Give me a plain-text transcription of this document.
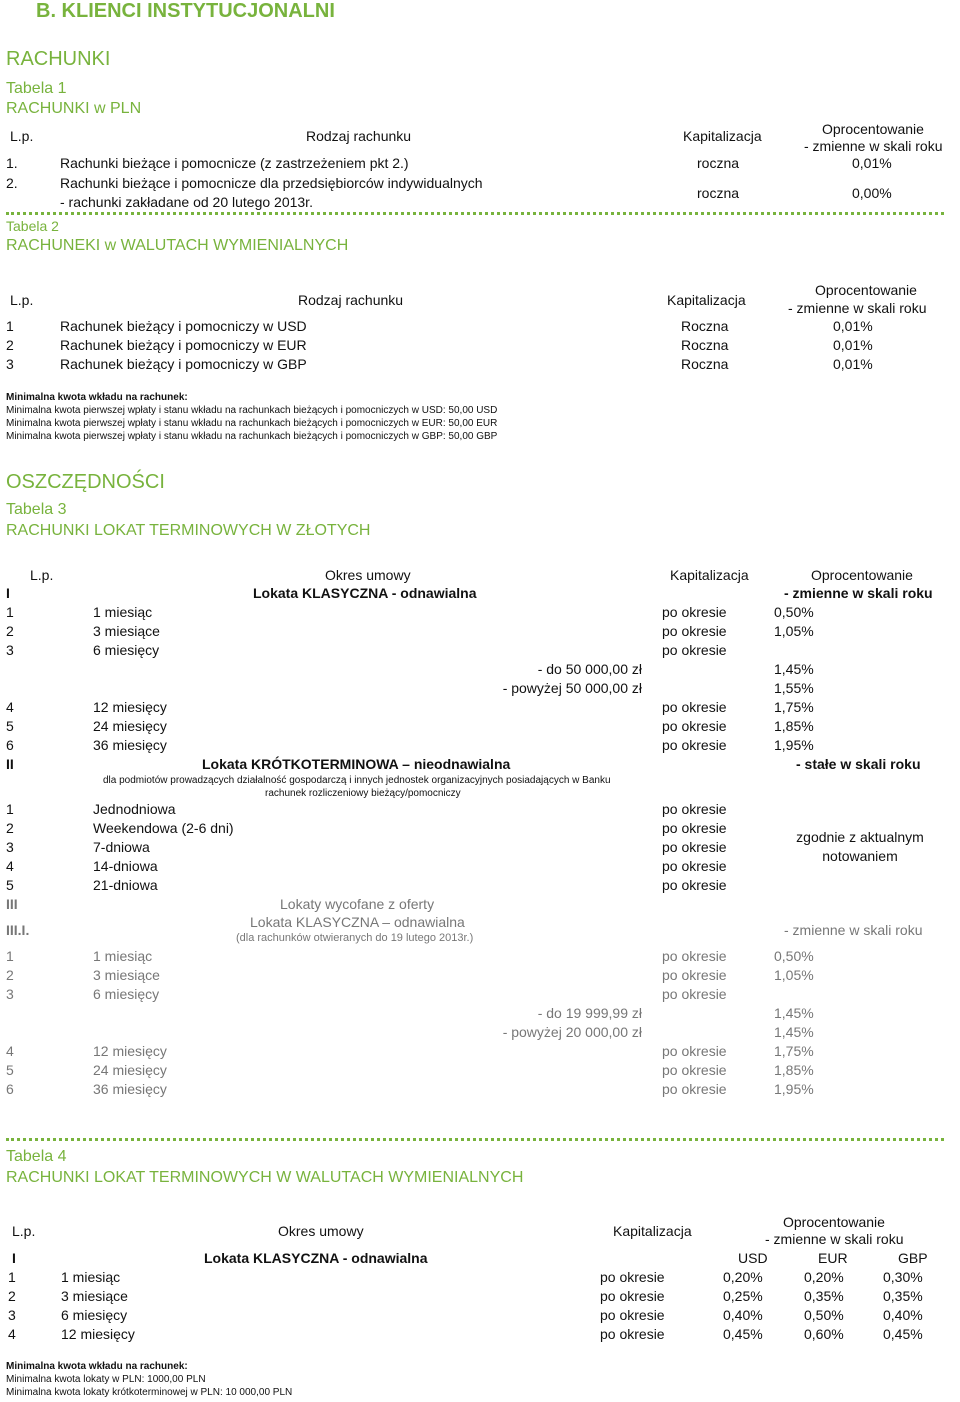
B. KLIENCI INSTYTUCJONALNI
RACHUNKI
Tabela 1
RACHUNKI w PLN
L.p.	Rodzaj rachunku	Kapitalizacja	Oprocentowanie
- zmienne w skali roku
1.	Rachunki bieżące i pomocnicze (z zastrzeżeniem pkt 2.)	roczna	0,01%
2.	Rachunki bieżące i pomocnicze dla przedsiębiorców indywidualnych
- rachunki zakładane od 20 lutego 2013r.
roczna	0,00%
Tabela 2
RACHUNEKI w WALUTACH WYMIENIALNYCH
L.p.	Rodzaj rachunku	Kapitalizacja
Oprocentowanie
- zmienne w skali roku
1	Rachunek bieżący i pomocniczy w USD	Roczna	0,01%
2	Rachunek bieżący i pomocniczy w EUR	Roczna	0,01%
3	Rachunek bieżący i pomocniczy w GBP	Roczna	0,01%
Minimalna kwota wkładu na rachunek:
Minimalna kwota pierwszej wpłaty i stanu wkładu na rachunkach bieżących i pomocniczych w USD: 50,00 USD
Minimalna kwota pierwszej wpłaty i stanu wkładu na rachunkach bieżących i pomocniczych w EUR: 50,00 EUR
Minimalna kwota pierwszej wpłaty i stanu wkładu na rachunkach bieżących i pomocniczych w GBP: 50,00 GBP
OSZCZĘDNOŚCI
Tabela 3
RACHUNKI LOKAT TERMINOWYCH W ZŁOTYCH
L.p.	Okres umowy	Kapitalizacja	Oprocentowanie
I	Lokata KLASYCZNA - odnawialna	- zmienne w skali roku
1	1 miesiąc	po okresie	0,50%
2	3 miesiące	po okresie	1,05%
3	6 miesięcy	po okresie
- do 50 000,00 zł	1,45%
- powyżej 50 000,00 zł	1,55%
4	12 miesięcy	po okresie	1,75%
5	24 miesięcy	po okresie	1,85%
6	36 miesięcy	po okresie	1,95%
II	Lokata KRÓTKOTERMINOWA – nieodnawialna	- stałe w skali roku
dla podmiotów prowadzących działalność gospodarczą i innych jednostek organizacyjnych posiadających w Banku
rachunek rozliczeniowy bieżący/pomocniczy
1	Jednodniowa	po okresie
2	Weekendowa (2-6 dni)	po okresie
3	7-dniowa	po okresie
4	14-dniowa	po okresie
5	21-dniowa	po okresie
zgodnie z aktualnym
notowaniem
III	Lokaty wycofane z oferty
III.I.	Lokata KLASYCZNA – odnawialna
(dla rachunków otwieranych do 19 lutego 2013r.)	- zmienne w skali roku
1	1 miesiąc	po okresie	0,50%
2	3 miesiące	po okresie	1,05%
3	6 miesięcy	po okresie
- do 19 999,99 zł	1,45%
- powyżej 20 000,00 zł	1,45%
4	12 miesięcy	po okresie	1,75%
5	24 miesięcy	po okresie	1,85%
6	36 miesięcy	po okresie	1,95%
Tabela 4
RACHUNKI LOKAT TERMINOWYCH W WALUTACH WYMIENIALNYCH
L.p.	Okres umowy	Kapitalizacja
Oprocentowanie
- zmienne w skali roku
I	Lokata KLASYCZNA - odnawialna	USD	EUR	GBP
1	1 miesiąc	po okresie	0,20%	0,20%	0,30%
2	3 miesiące	po okresie	0,25%	0,35%	0,35%
3	6 miesięcy	po okresie	0,40%	0,50%	0,40%
4	12 miesięcy	po okresie	0,45%	0,60%	0,45%
Minimalna kwota wkładu na rachunek:
Minimalna kwota lokaty w PLN: 1000,00 PLN
Minimalna kwota lokaty krótkoterminowej w PLN: 10 000,00 PLN
